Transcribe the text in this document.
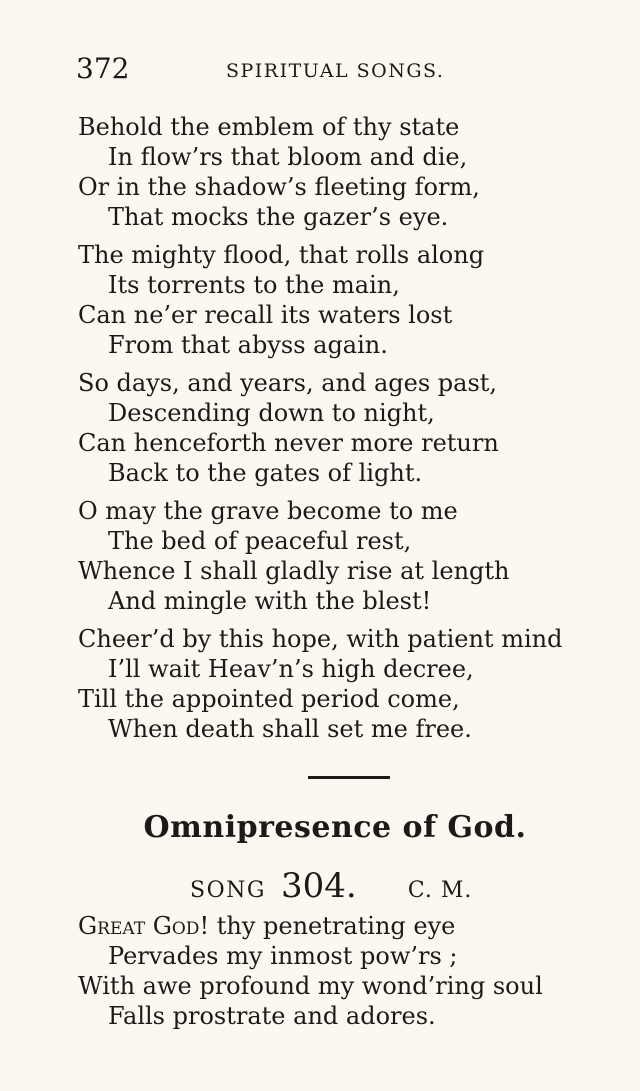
372	SPIRITUAL SONGS.
Behold the emblem of thy state
In flow’rs that bloom and die,
Or in the shadow’s fleeting form,
That mocks the gazer’s eye.
The mighty flood, that rolls along
Its torrents to the main,
Can ne’er recall its waters lost
From that abyss again.
So days, and years, and ages past,
Descending down to night,
Can henceforth never more return
Back to the gates of light.
O may the grave become to me
The bed of peaceful rest,
Whence I shall gladly rise at length
And mingle with the blest!
Cheer’d by this hope, with patient mind
I’ll wait Heav’n’s high decree,
Till the appointed period come,
When death shall set me free.
Omnipresence of God.
SONG 304. C. M.
Great God! thy penetrating eye
Pervades my inmost pow’rs ;
With awe profound my wond’ring soul
Falls prostrate and adores.
